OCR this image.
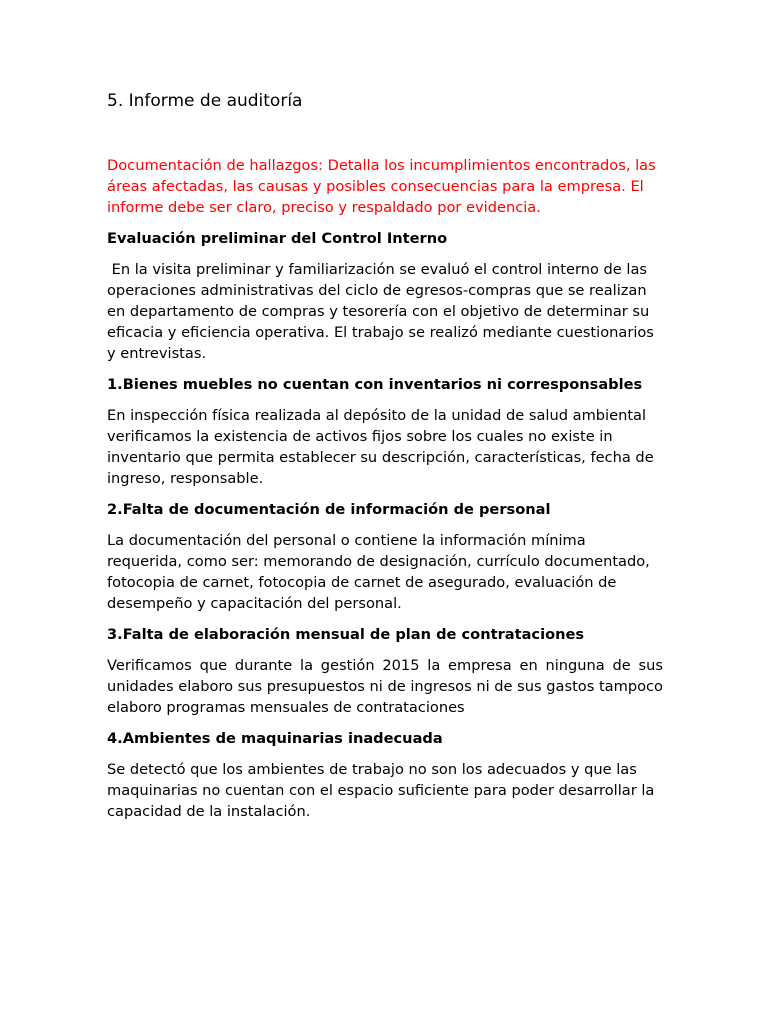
5. Informe de auditoría

Documentación de hallazgos: Detalla los incumplimientos encontrados, las áreas afectadas, las causas y posibles consecuencias para la empresa. El informe debe ser claro, preciso y respaldado por evidencia.

Evaluación preliminar del Control Interno

En la visita preliminar y familiarización se evaluó el control interno de las operaciones administrativas del ciclo de egresos-compras que se realizan en departamento de compras y tesorería con el objetivo de determinar su eficacia y eficiencia operativa. El trabajo se realizó mediante cuestionarios y entrevistas.

1.Bienes muebles no cuentan con inventarios ni corresponsables

En inspección física realizada al depósito de la unidad de salud ambiental verificamos la existencia de activos fijos sobre los cuales no existe in inventario que permita establecer su descripción, características, fecha de ingreso, responsable.

2.Falta de documentación de información de personal

La documentación del personal o contiene la información mínima requerida, como ser: memorando de designación, currículo documentado, fotocopia de carnet, fotocopia de carnet de asegurado, evaluación de desempeño y capacitación del personal.

3.Falta de elaboración mensual de plan de contrataciones

Verificamos que durante la gestión 2015 la empresa en ninguna de sus unidades elaboro sus presupuestos ni de ingresos ni de sus gastos tampoco elaboro programas mensuales de contrataciones

4.Ambientes de maquinarias inadecuada

Se detectó que los ambientes de trabajo no son los adecuados y que las maquinarias no cuentan con el espacio suficiente para poder desarrollar la capacidad de la instalación.
